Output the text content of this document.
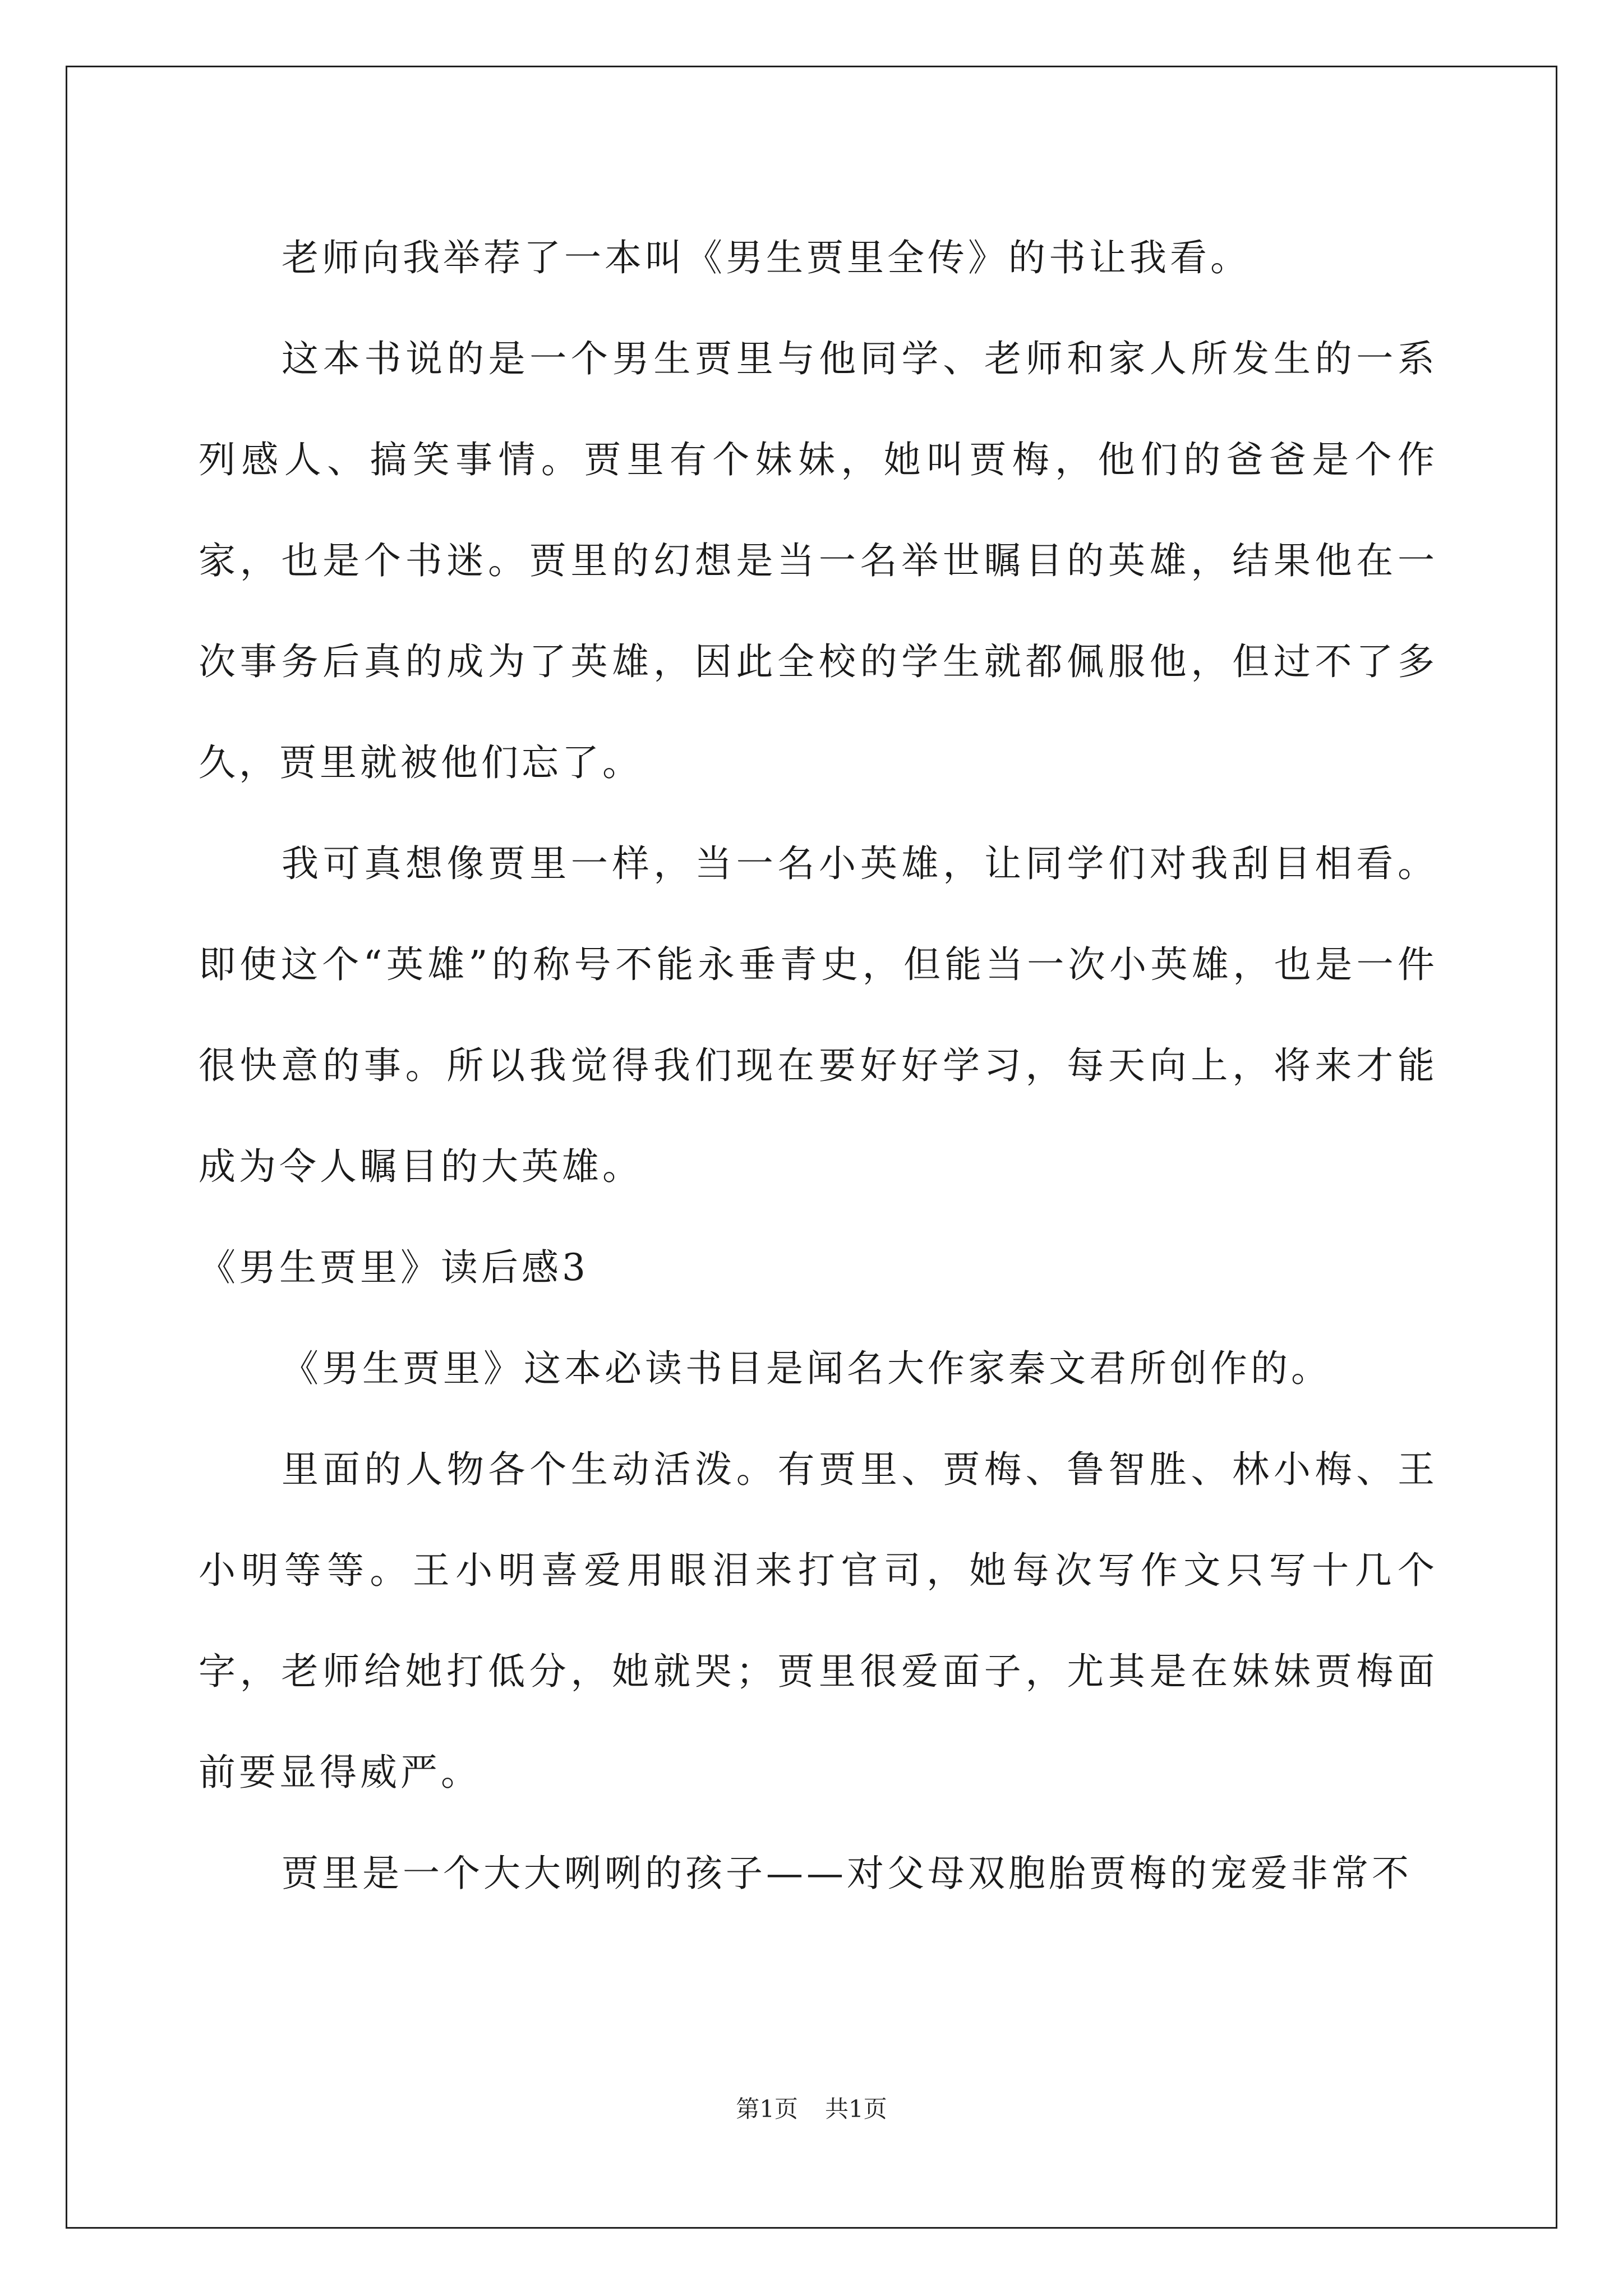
老师向我举荐了一本叫《男生贾里全传》的书让我看。

这本书说的是一个男生贾里与他同学、老师和家人所发生的一系列感人、搞笑事情。贾里有个妹妹，她叫贾梅，他们的爸爸是个作家，也是个书迷。贾里的幻想是当一名举世瞩目的英雄，结果他在一次事务后真的成为了英雄，因此全校的学生就都佩服他，但过不了多久，贾里就被他们忘了。

我可真想像贾里一样，当一名小英雄，让同学们对我刮目相看。即使这个“英雄”的称号不能永垂青史，但能当一次小英雄，也是一件很快意的事。所以我觉得我们现在要好好学习，每天向上，将来才能成为令人瞩目的大英雄。

《男生贾里》读后感3

《男生贾里》这本必读书目是闻名大作家秦文君所创作的。

里面的人物各个生动活泼。有贾里、贾梅、鲁智胜、林小梅、王小明等等。王小明喜爱用眼泪来打官司，她每次写作文只写十几个字，老师给她打低分，她就哭；贾里很爱面子，尤其是在妹妹贾梅面前要显得威严。

贾里是一个大大咧咧的孩子——对父母双胞胎贾梅的宠爱非常不

第1页 共1页
